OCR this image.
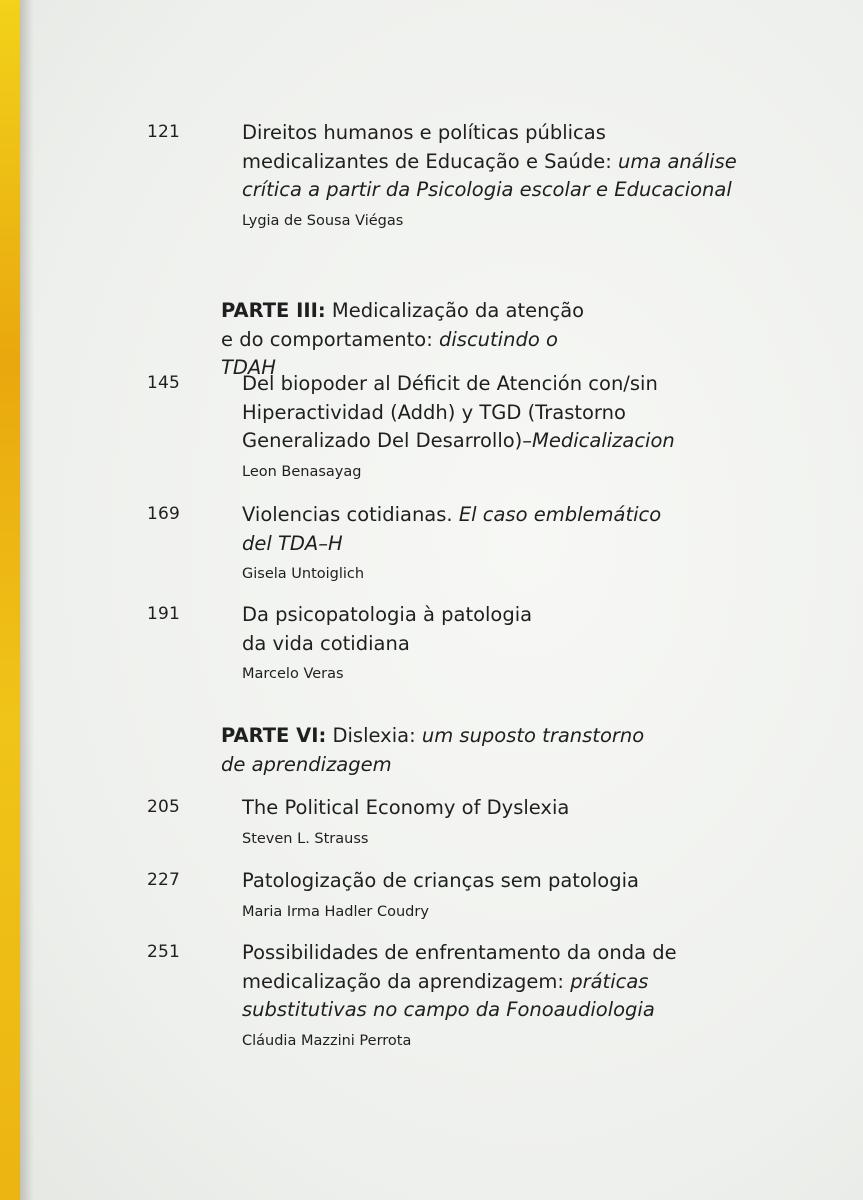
121	Direitos humanos e políticas públicas medicalizantes de Educação e Saúde: uma análise crítica a partir da Psicologia escolar e Educacional
Lygia de Sousa Viégas
PARTE III: Medicalização da atenção e do comportamento: discutindo o TDAH
145	Del biopoder al Déficit de Atención con/sin Hiperactividad (Addh) y TGD (Trastorno Generalizado Del Desarrollo)–Medicalizacion
Leon Benasayag
169	Violencias cotidianas. El caso emblemático del TDA–H
Gisela Untoiglich
191	Da psicopatologia à patologia da vida cotidiana
Marcelo Veras
PARTE VI: Dislexia: um suposto transtorno de aprendizagem
205	The Political Economy of Dyslexia
Steven L. Strauss
227	Patologização de crianças sem patologia
Maria Irma Hadler Coudry
251	Possibilidades de enfrentamento da onda de medicalização da aprendizagem: práticas substitutivas no campo da Fonoaudiologia
Cláudia Mazzini Perrota
